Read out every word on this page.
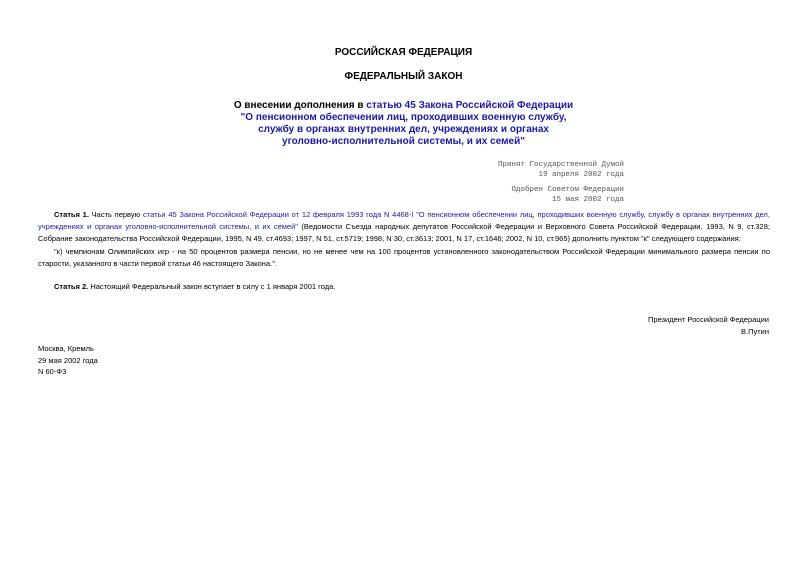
РОССИЙСКАЯ ФЕДЕРАЦИЯ
ФЕДЕРАЛЬНЫЙ ЗАКОН
О внесении дополнения в статью 45 Закона Российской Федерации
"О пенсионном обеспечении лиц, проходивших военную службу,
службу в органах внутренних дел, учреждениях и органах
уголовно-исполнительной системы, и их семей"
Принят Государственной Думой
19 апреля 2002 года
Одобрен Советом Федерации
15 мая 2002 года
Статья 1. Часть первую статьи 45 Закона Российской Федерации от 12 февраля 1993 года N 4468-I "О пенсионном обеспечении лиц, проходивших военную службу, службу в органах внутренних дел, учреждениях и органах уголовно-исполнительной системы, и их семей" (Ведомости Съезда народных депутатов Российской Федерации и Верховного Совета Российской Федерации, 1993, N 9, ст.328; Собрание законодательства Российской Федерации, 1995, N 49, ст.4693; 1997, N 51, ст.5719; 1998, N 30, ст.3613; 2001, N 17, ст.1646; 2002, N 10, ст.965) дополнить пунктом "к" следующего содержания:
"к) чемпионам Олимпийских игр - на 50 процентов размера пенсии, но не менее чем на 100 процентов установленного законодательством Российской Федерации минимального размера пенсии по старости, указанного в части первой статьи 46 настоящего Закона.".
Статья 2. Настоящий Федеральный закон вступает в силу с 1 января 2001 года.
Президент Российской Федерации
В.Путин
Москва, Кремль
29 мая 2002 года
N 60-ФЗ
